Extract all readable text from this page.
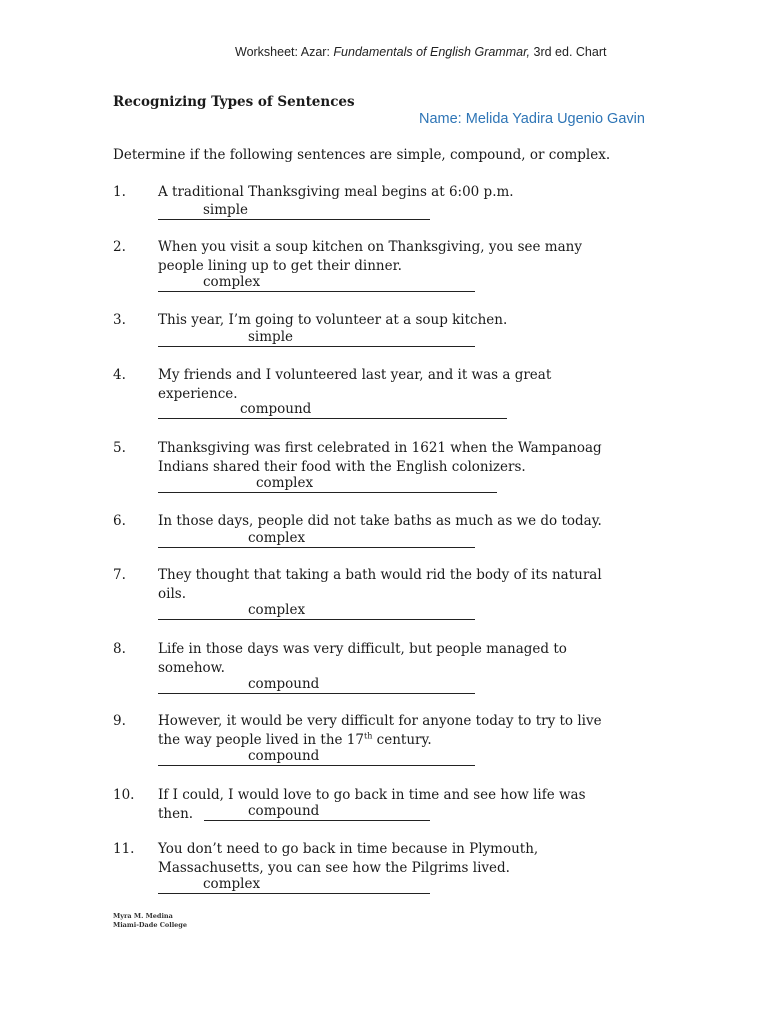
Worksheet: Azar: Fundamentals of English Grammar, 3rd ed. Chart
Recognizing Types of Sentences
Name: Melida Yadira Ugenio Gavin
Determine if the following sentences are simple, compound, or complex.
1.	A traditional Thanksgiving meal begins at 6:00 p.m.
simple
2.	When you visit a soup kitchen on Thanksgiving, you see many
people lining up to get their dinner.
complex
3.	This year, I’m going to volunteer at a soup kitchen.
simple
4.	My friends and I volunteered last year, and it was a great
experience.
compound
5.	Thanksgiving was first celebrated in 1621 when the Wampanoag
Indians shared their food with the English colonizers.
complex
6.	In those days, people did not take baths as much as we do today.
complex
7.	They thought that taking a bath would rid the body of its natural
oils.
complex
8.	Life in those days was very difficult, but people managed to
somehow.
compound
9.	However, it would be very difficult for anyone today to try to live
the way people lived in the 17th century.
compound
10.	If I could, I would love to go back in time and see how life was
then.	compound
11.	You don’t need to go back in time because in Plymouth,
Massachusetts, you can see how the Pilgrims lived.
complex
Myra M. Medina
Miami-Dade College
